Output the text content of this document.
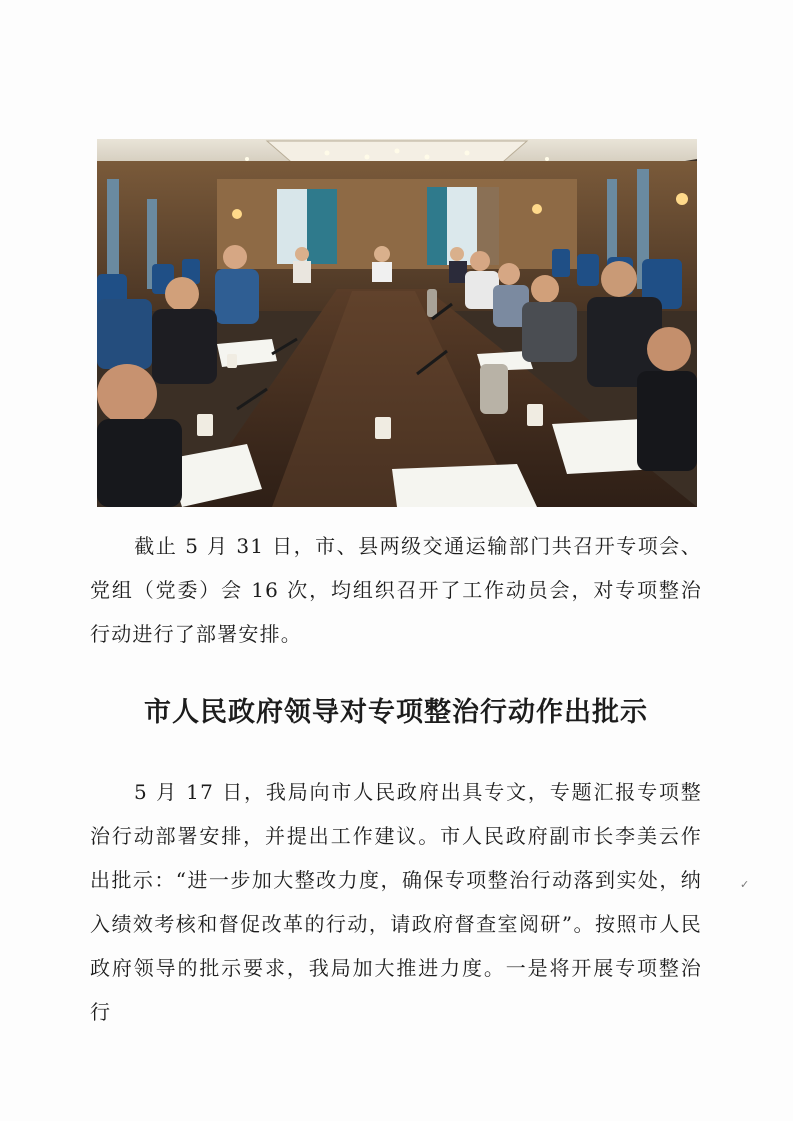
截止 5 月 31 日，市、县两级交通运输部门共召开专项会、党组（党委）会 16 次，均组织召开了工作动员会，对专项整治行动进行了部署安排。

市人民政府领导对专项整治行动作出批示

5 月 17 日，我局向市人民政府出具专文，专题汇报专项整治行动部署安排，并提出工作建议。市人民政府副市长李美云作出批示：“进一步加大整改力度，确保专项整治行动落到实处，纳入绩效考核和督促改革的行动，请政府督查室阅研”。按照市人民政府领导的批示要求，我局加大推进力度。一是将开展专项整治行

✓
